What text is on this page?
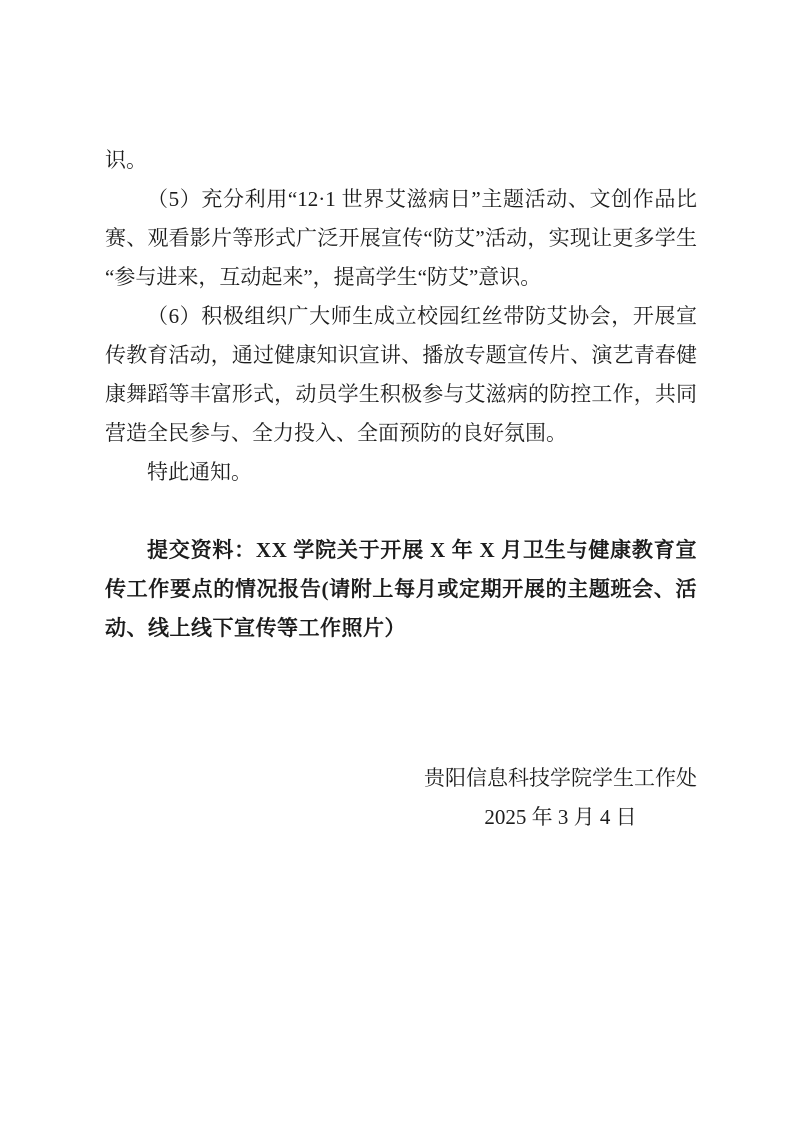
识。

（5）充分利用“12·1 世界艾滋病日”主题活动、文创作品比赛、观看影片等形式广泛开展宣传“防艾”活动，实现让更多学生“参与进来，互动起来”，提高学生“防艾”意识。

（6）积极组织广大师生成立校园红丝带防艾协会，开展宣传教育活动，通过健康知识宣讲、播放专题宣传片、演艺青春健康舞蹈等丰富形式，动员学生积极参与艾滋病的防控工作，共同营造全民参与、全力投入、全面预防的良好氛围。

特此通知。

提交资料：XX 学院关于开展 X 年 X 月卫生与健康教育宣传工作要点的情况报告(请附上每月或定期开展的主题班会、活动、线上线下宣传等工作照片）

贵阳信息科技学院学生工作处
2025 年 3 月 4 日
